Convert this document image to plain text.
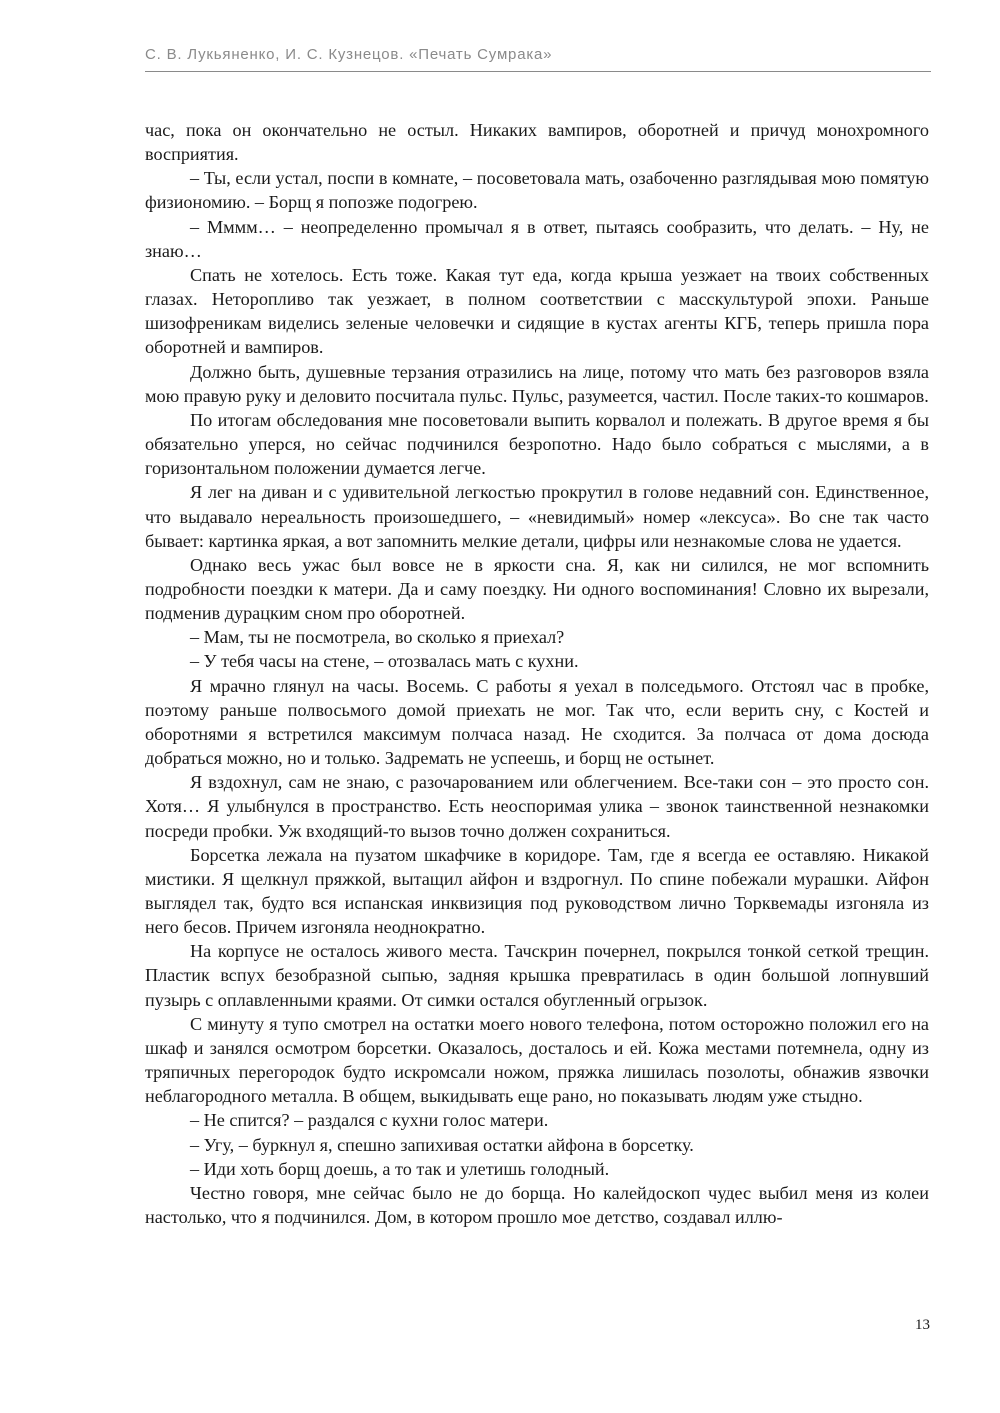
С. В. Лукьяненко, И. С. Кузнецов. «Печать Сумрака»

час, пока он окончательно не остыл. Никаких вампиров, оборотней и причуд монохромного восприятия.

– Ты, если устал, поспи в комнате, – посоветовала мать, озабоченно разглядывая мою помятую физиономию. – Борщ я попозже подогрею.

– Мммм… – неопределенно промычал я в ответ, пытаясь сообразить, что делать. – Ну, не знаю…

Спать не хотелось. Есть тоже. Какая тут еда, когда крыша уезжает на твоих собственных глазах. Неторопливо так уезжает, в полном соответствии с масскультурой эпохи. Раньше шизофреникам виделись зеленые человечки и сидящие в кустах агенты КГБ, теперь пришла пора оборотней и вампиров.

Должно быть, душевные терзания отразились на лице, потому что мать без разговоров взяла мою правую руку и деловито посчитала пульс. Пульс, разумеется, частил. После таких-то кошмаров.

По итогам обследования мне посоветовали выпить корвалол и полежать. В другое время я бы обязательно уперся, но сейчас подчинился безропотно. Надо было собраться с мыслями, а в горизонтальном положении думается легче.

Я лег на диван и с удивительной легкостью прокрутил в голове недавний сон. Единственное, что выдавало нереальность произошедшего, – «невидимый» номер «лексуса». Во сне так часто бывает: картинка яркая, а вот запомнить мелкие детали, цифры или незнакомые слова не удается.

Однако весь ужас был вовсе не в яркости сна. Я, как ни силился, не мог вспомнить подробности поездки к матери. Да и саму поездку. Ни одного воспоминания! Словно их вырезали, подменив дурацким сном про оборотней.

– Мам, ты не посмотрела, во сколько я приехал?

– У тебя часы на стене, – отозвалась мать с кухни.

Я мрачно глянул на часы. Восемь. С работы я уехал в полседьмого. Отстоял час в пробке, поэтому раньше полвосьмого домой приехать не мог. Так что, если верить сну, с Костей и оборотнями я встретился максимум полчаса назад. Не сходится. За полчаса от дома досюда добраться можно, но и только. Задремать не успеешь, и борщ не остынет.

Я вздохнул, сам не знаю, с разочарованием или облегчением. Все-таки сон – это просто сон. Хотя… Я улыбнулся в пространство. Есть неоспоримая улика – звонок таинственной незнакомки посреди пробки. Уж входящий-то вызов точно должен сохраниться.

Борсетка лежала на пузатом шкафчике в коридоре. Там, где я всегда ее оставляю. Никакой мистики. Я щелкнул пряжкой, вытащил айфон и вздрогнул. По спине побежали мурашки. Айфон выглядел так, будто вся испанская инквизиция под руководством лично Торквемады изгоняла из него бесов. Причем изгоняла неоднократно.

На корпусе не осталось живого места. Тачскрин почернел, покрылся тонкой сеткой трещин. Пластик вспух безобразной сыпью, задняя крышка превратилась в один большой лопнувший пузырь с оплавленными краями. От симки остался обугленный огрызок.

С минуту я тупо смотрел на остатки моего нового телефона, потом осторожно положил его на шкаф и занялся осмотром борсетки. Оказалось, досталось и ей. Кожа местами потемнела, одну из тряпичных перегородок будто искромсали ножом, пряжка лишилась позолоты, обнажив язвочки неблагородного металла. В общем, выкидывать еще рано, но показывать людям уже стыдно.

– Не спится? – раздался с кухни голос матери.

– Угу, – буркнул я, спешно запихивая остатки айфона в борсетку.

– Иди хоть борщ доешь, а то так и улетишь голодный.

Честно говоря, мне сейчас было не до борща. Но калейдоскоп чудес выбил меня из колеи настолько, что я подчинился. Дом, в котором прошло мое детство, создавал иллю-

13
